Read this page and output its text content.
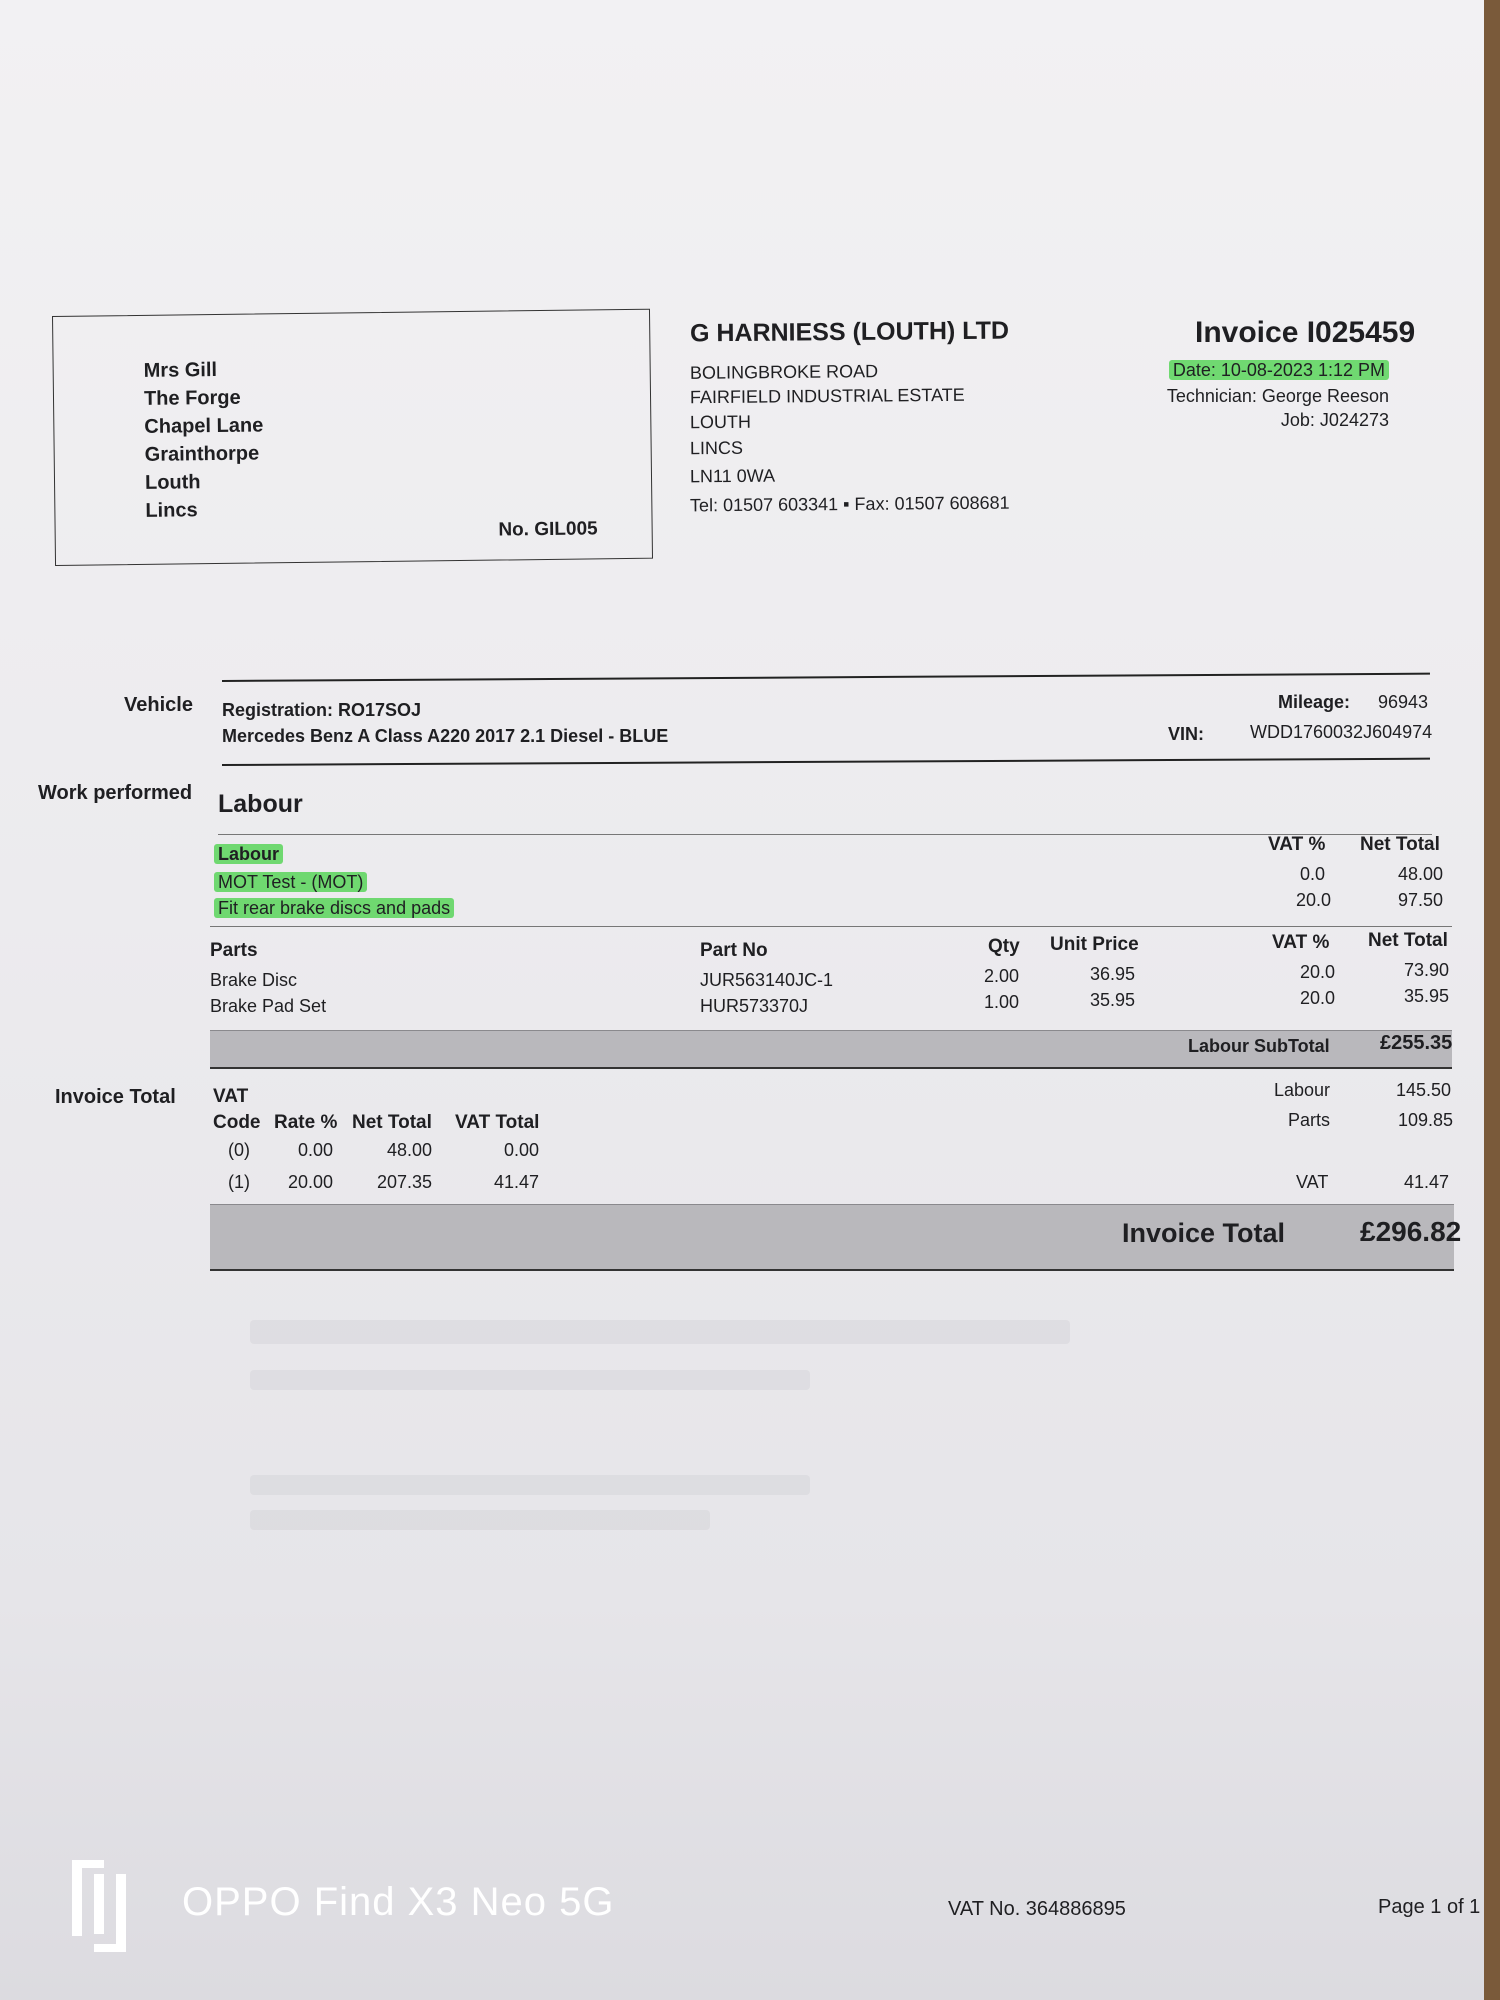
Mrs Gill
The Forge
Chapel Lane
Grainthorpe
Louth
Lincs
No. GIL005
G HARNIESS (LOUTH) LTD
BOLINGBROKE ROAD
FAIRFIELD INDUSTRIAL ESTATE
LOUTH
LINCS
LN11 0WA
Tel: 01507 603341 ▪ Fax: 01507 608681
Invoice I025459
Date: 10-08-2023 1:12 PM
Technician: George Reeson
Job: J024273
Vehicle Registration: RO17SOJ
Mercedes Benz A Class A220 2017 2.1 Diesel - BLUE
Mileage: 96943
VIN:	WDD1760032J604974
Work performed Labour
Labour	VAT % Net Total
MOT Test - (MOT)	0.0	48.00
Fit rear brake discs and pads	20.0	97.50
Parts	Part No	Qty Unit Price	VAT % Net Total
Brake Disc	JUR563140JC-1	2.00	36.95	20.0	73.90
Brake Pad Set	HUR573370J	1.00	35.95	20.0	35.95
Labour SubTotal	£255.35
Invoice Total VAT
Code Rate % Net Total VAT Total
(0)	0.00	48.00	0.00
(1) 20.00 207.35	41.47
Labour	145.50
Parts	109.85
VAT	41.47
Invoice Total	£296.82
VAT No. 364886895	Page 1 of 1
OPPO Find X3 Neo 5G
